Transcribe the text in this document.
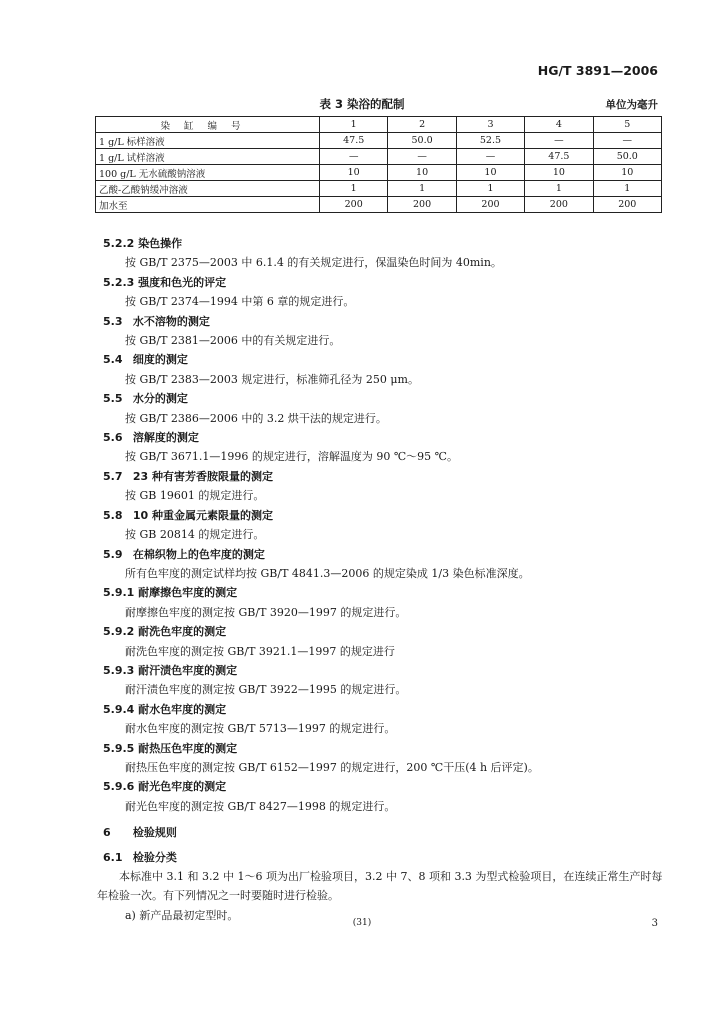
HG/T 3891—2006
表 3 染浴的配制	单位为毫升
染缸编号	1	2	3	4	5
1 g/L 标样溶液	47.5	50.0	52.5	—	—
1 g/L 试样溶液	—	—	—	47.5	50.0
100 g/L 无水硫酸钠溶液	10	10	10	10	10
乙酸-乙酸钠缓冲溶液	1	1	1	1	1
加水至	200	200	200	200	200
5.2.2 染色操作
按 GB/T 2375—2003 中 6.1.4 的有关规定进行，保温染色时间为 40min。
5.2.3 强度和色光的评定
按 GB/T 2374—1994 中第 6 章的规定进行。
5.3 水不溶物的测定
按 GB/T 2381—2006 中的有关规定进行。
5.4 细度的测定
按 GB/T 2383—2003 规定进行，标准筛孔径为 250 μm。
5.5 水分的测定
按 GB/T 2386—2006 中的 3.2 烘干法的规定进行。
5.6 溶解度的测定
按 GB/T 3671.1—1996 的规定进行，溶解温度为 90 ℃～95 ℃。
5.7 23 种有害芳香胺限量的测定
按 GB 19601 的规定进行。
5.8 10 种重金属元素限量的测定
按 GB 20814 的规定进行。
5.9 在棉织物上的色牢度的测定
所有色牢度的测定试样均按 GB/T 4841.3—2006 的规定染成 1/3 染色标准深度。
5.9.1 耐摩擦色牢度的测定
耐摩擦色牢度的测定按 GB/T 3920—1997 的规定进行。
5.9.2 耐洗色牢度的测定
耐洗色牢度的测定按 GB/T 3921.1—1997 的规定进行
5.9.3 耐汗渍色牢度的测定
耐汗渍色牢度的测定按 GB/T 3922—1995 的规定进行。
5.9.4 耐水色牢度的测定
耐水色牢度的测定按 GB/T 5713—1997 的规定进行。
5.9.5 耐热压色牢度的测定
耐热压色牢度的测定按 GB/T 6152—1997 的规定进行，200 ℃干压(4 h 后评定)。
5.9.6 耐光色牢度的测定
耐光色牢度的测定按 GB/T 8427—1998 的规定进行。
6 检验规则
6.1 检验分类
本标准中 3.1 和 3.2 中 1～6 项为出厂检验项目，3.2 中 7、8 项和 3.3 为型式检验项目，在连续正常生产时每年检验一次。有下列情况之一时要随时进行检验。
a) 新产品最初定型时。
(31)	3
